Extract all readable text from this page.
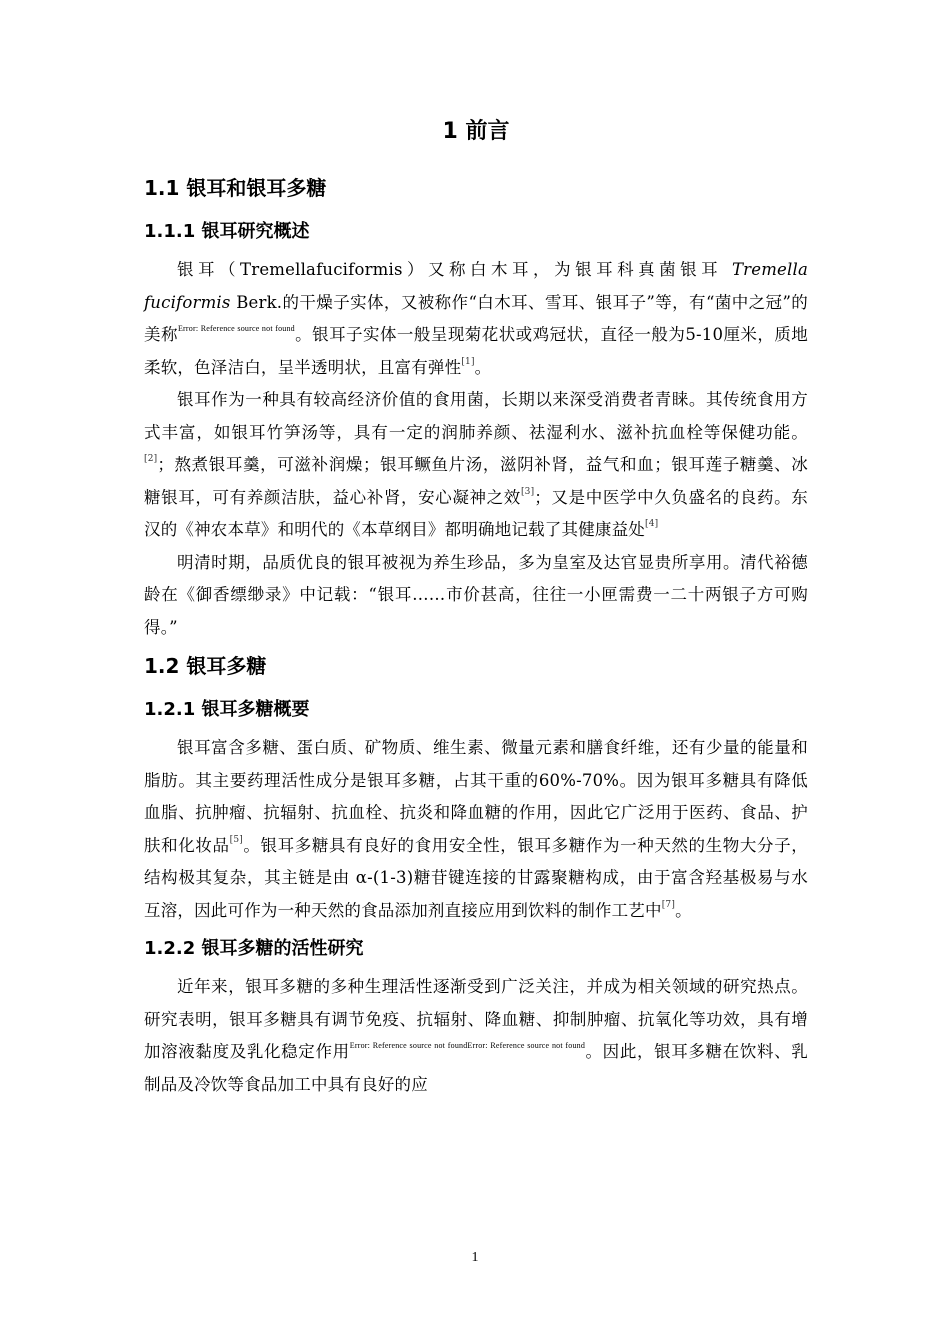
1 前言
1.1 银耳和银耳多糖
1.1.1 银耳研究概述

银耳（Tremellafuciformis）又称白木耳，为银耳科真菌银耳 Tremella fuciformis Berk.的干燥子实体，又被称作“白木耳、雪耳、银耳子”等，有“菌中之冠”的美称$^{Error: Reference source not found}$。银耳子实体一般呈现菊花状或鸡冠状，直径一般为5-10厘米，质地柔软，色泽洁白，呈半透明状，且富有弹性[1]。

银耳作为一种具有较高经济价值的食用菌，长期以来深受消费者青睐。其传统食用方式丰富，如银耳竹笋汤等，具有一定的润肺养颜、祛湿利水、滋补抗血栓等保健功能。[2]；熬煮银耳羹，可滋补润燥；银耳鳜鱼片汤，滋阴补肾，益气和血；银耳莲子糖羹、冰糖银耳，可有养颜洁肤，益心补肾，安心凝神之效[3]；又是中医学中久负盛名的良药。东汉的《神农本草》和明代的《本草纲目》都明确地记载了其健康益处[4]

明清时期，品质优良的银耳被视为养生珍品，多为皇室及达官显贵所享用。清代裕德龄在《御香缥缈录》中记载：“银耳……市价甚高，往往一小匣需费一二十两银子方可购得。”

1.2 银耳多糖
1.2.1 银耳多糖概要

银耳富含多糖、蛋白质、矿物质、维生素、微量元素和膳食纤维，还有少量的能量和脂肪。其主要药理活性成分是银耳多糖，占其干重的60%-70%。因为银耳多糖具有降低血脂、抗肿瘤、抗辐射、抗血栓、抗炎和降血糖的作用，因此它广泛用于医药、食品、护肤和化妆品[5]。银耳多糖具有良好的食用安全性，银耳多糖作为一种天然的生物大分子，结构极其复杂，其主链是由 α-(1-3)糖苷键连接的甘露聚糖构成，由于富含羟基极易与水互溶，因此可作为一种天然的食品添加剂直接应用到饮料的制作工艺中[7]。

1.2.2 银耳多糖的活性研究

近年来，银耳多糖的多种生理活性逐渐受到广泛关注，并成为相关领域的研究热点。研究表明，银耳多糖具有调节免疫、抗辐射、降血糖、抑制肿瘤、抗氧化等功效，具有增加溶液黏度及乳化稳定作用$^{Error: Reference source not foundError: Reference source not found}$。因此，银耳多糖在饮料、乳制品及冷饮等食品加工中具有良好的应

1
